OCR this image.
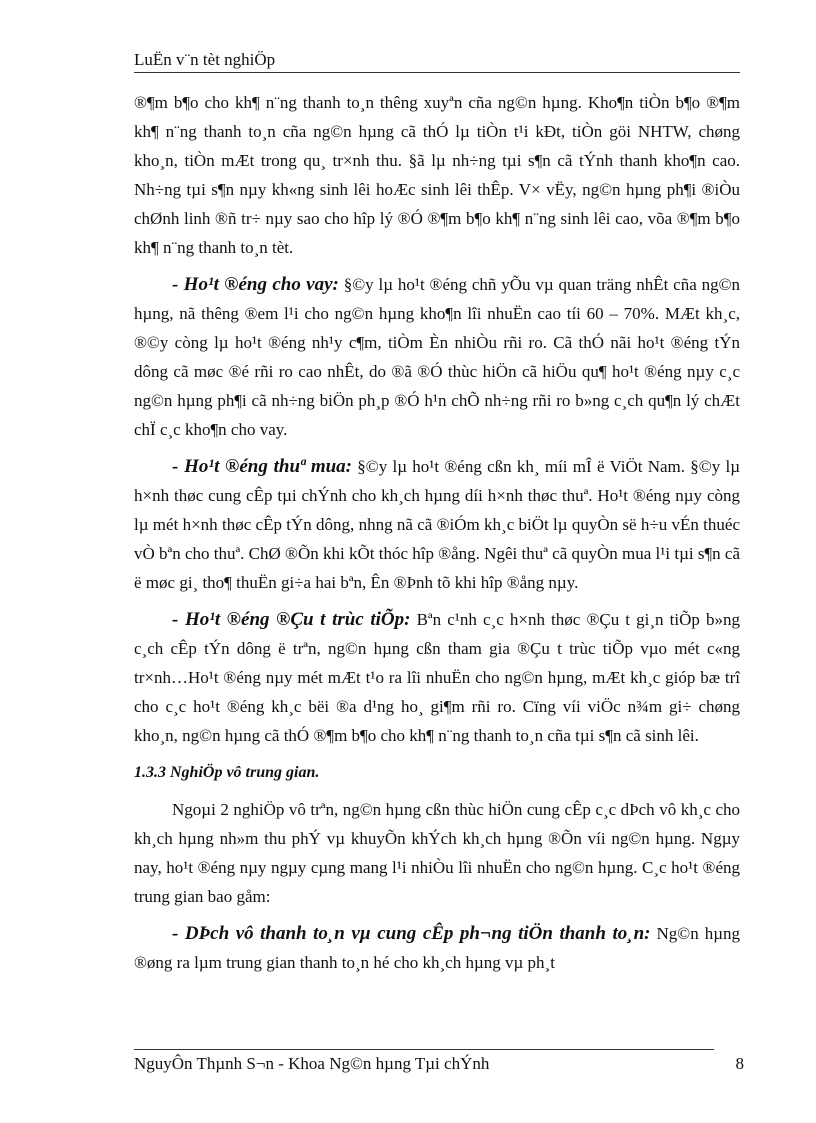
LuËn v¨n tèt nghiÖp

®¶m b¶o cho kh¶ n¨ng thanh to¸n thêng xuyªn cña ng©n hµng. Kho¶n tiÒn b¶o ®¶m kh¶ n¨ng thanh to¸n cña ng©n hµng cã thÓ lµ tiÒn t¹i kÐt, tiÒn göi NHTW, chøng kho¸n, tiÒn mÆt trong qu¸ tr×nh thu. §ã lµ nh÷ng tµi s¶n cã tÝnh thanh kho¶n cao. Nh÷ng tµi s¶n nµy kh«ng sinh lêi hoÆc sinh lêi thÊp. V× vËy, ng©n hµng ph¶i ®iÒu chØnh linh ®ñ tr÷ nµy sao cho hîp lý ®Ó ®¶m b¶o kh¶ n¨ng sinh lêi cao, võa ®¶m b¶o kh¶ n¨ng thanh to¸n tèt.

- Ho¹t ®éng cho vay: §©y lµ ho¹t ®éng chñ yÕu vµ quan träng nhÊt cña ng©n hµng, nã thêng ®em l¹i cho ng©n hµng kho¶n lîi nhuËn cao tíi 60 – 70%. MÆt kh¸c, ®©y còng lµ ho¹t ®éng nh¹y c¶m, tiÒm Èn nhiÒu rñi ro. Cã thÓ nãi ho¹t ®éng tÝn dông cã møc ®é rñi ro cao nhÊt, do ®ã ®Ó thùc hiÖn cã hiÖu qu¶ ho¹t ®éng nµy c¸c ng©n hµng ph¶i cã nh÷ng biÖn ph¸p ®Ó h¹n chÕ nh÷ng rñi ro b»ng c¸ch qu¶n lý chÆt chÏ c¸c kho¶n cho vay.

- Ho¹t ®éng thuª mua: §©y lµ ho¹t ®éng cßn kh¸ míi mÎ ë ViÖt Nam. §©y lµ h×nh thøc cung cÊp tµi chÝnh cho kh¸ch hµng díi h×nh thøc thuª. Ho¹t ®éng nµy còng lµ mét h×nh thøc cÊp tÝn dông, nhng nã cã ®iÓm kh¸c biÖt lµ quyÒn së h÷u vÉn thuéc vÒ bªn cho thuª. ChØ ®Õn khi kÕt thóc hîp ®ång. Ngêi thuª cã quyÒn mua l¹i tµi s¶n cã ë møc gi¸ tho¶ thuËn gi÷a hai bªn, Ên ®Þnh tõ khi hîp ®ång nµy.

- Ho¹t ®éng ®Çu t trùc tiÕp: Bªn c¹nh c¸c h×nh thøc ®Çu t gi¸n tiÕp b»ng c¸ch cÊp tÝn dông ë trªn, ng©n hµng cßn tham gia ®Çu t trùc tiÕp vµo mét c«ng tr×nh…Ho¹t ®éng nµy mét mÆt t¹o ra lîi nhuËn cho ng©n hµng, mÆt kh¸c gióp bæ trî cho c¸c ho¹t ®éng kh¸c bëi ®a d¹ng ho¸ gi¶m rñi ro. Cïng víi viÖc n¾m gi÷ chøng kho¸n, ng©n hµng cã thÓ ®¶m b¶o cho kh¶ n¨ng thanh to¸n cña tµi s¶n cã sinh lêi.

1.3.3 NghiÖp vô trung gian.

Ngoµi 2 nghiÖp vô trªn, ng©n hµng cßn thùc hiÖn cung cÊp c¸c dÞch vô kh¸c cho kh¸ch hµng nh»m thu phÝ vµ khuyÕn khÝch kh¸ch hµng ®Õn víi ng©n hµng. Ngµy nay, ho¹t ®éng nµy ngµy cµng mang l¹i nhiÒu lîi nhuËn cho ng©n hµng. C¸c ho¹t ®éng trung gian bao gåm:

- DÞch vô thanh to¸n vµ cung cÊp ph¬ng tiÖn thanh to¸n: Ng©n hµng ®øng ra lµm trung gian thanh to¸n hé cho kh¸ch hµng vµ ph¸t

NguyÔn Thµnh S¬n - Khoa Ng©n hµng Tµi chÝnh	8
